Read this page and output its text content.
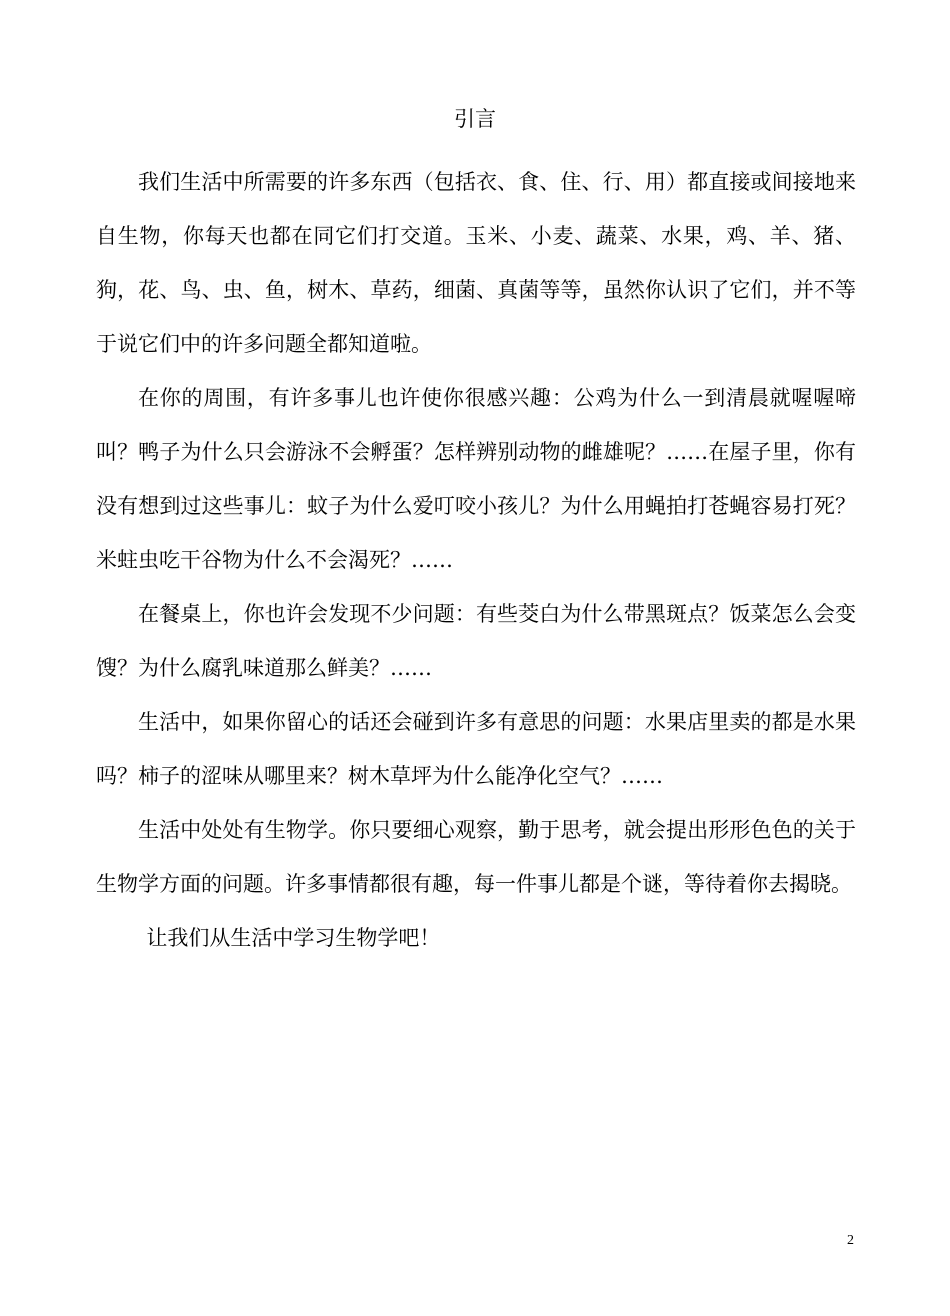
引言

我们生活中所需要的许多东西（包括衣、食、住、行、用）都直接或间接地来自生物，你每天也都在同它们打交道。玉米、小麦、蔬菜、水果，鸡、羊、猪、狗，花、鸟、虫、鱼，树木、草药，细菌、真菌等等，虽然你认识了它们，并不等于说它们中的许多问题全都知道啦。

在你的周围，有许多事儿也许使你很感兴趣：公鸡为什么一到清晨就喔喔啼叫？鸭子为什么只会游泳不会孵蛋？怎样辨别动物的雌雄呢？……在屋子里，你有没有想到过这些事儿：蚊子为什么爱叮咬小孩儿？为什么用蝇拍打苍蝇容易打死？米蛀虫吃干谷物为什么不会渴死？……

在餐桌上，你也许会发现不少问题：有些茭白为什么带黑斑点？饭菜怎么会变馊？为什么腐乳味道那么鲜美？……

生活中，如果你留心的话还会碰到许多有意思的问题：水果店里卖的都是水果吗？柿子的涩味从哪里来？树木草坪为什么能净化空气？……

生活中处处有生物学。你只要细心观察，勤于思考，就会提出形形色色的关于生物学方面的问题。许多事情都很有趣，每一件事儿都是个谜，等待着你去揭晓。

让我们从生活中学习生物学吧！

2
